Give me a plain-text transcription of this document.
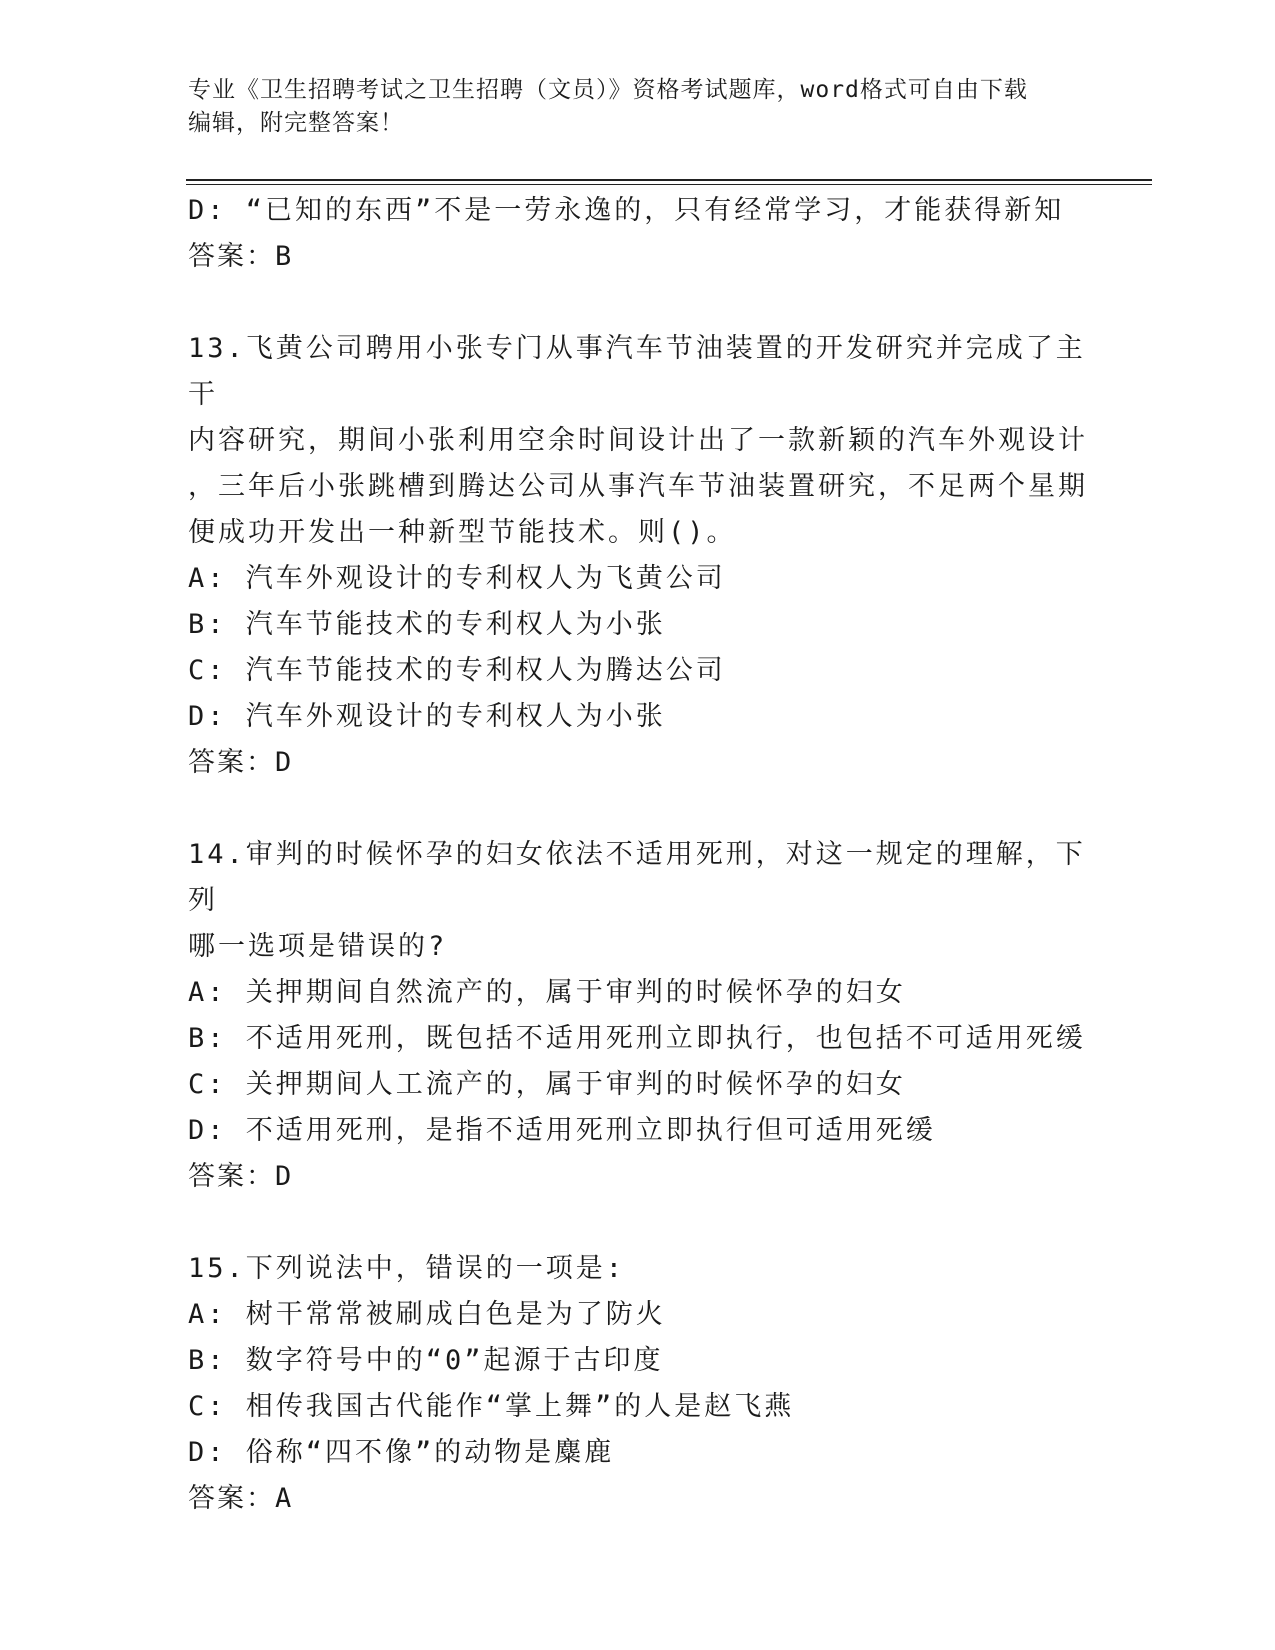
专业《卫生招聘考试之卫生招聘（文员）》资格考试题库，word格式可自由下载
编辑，附完整答案！
D: “已知的东西”不是一劳永逸的，只有经常学习，才能获得新知
答案：B
13.飞黄公司聘用小张专门从事汽车节油装置的开发研究并完成了主干
内容研究，期间小张利用空余时间设计出了一款新颖的汽车外观设计
，三年后小张跳槽到腾达公司从事汽车节油装置研究，不足两个星期
便成功开发出一种新型节能技术。则()。
A: 汽车外观设计的专利权人为飞黄公司
B: 汽车节能技术的专利权人为小张
C: 汽车节能技术的专利权人为腾达公司
D: 汽车外观设计的专利权人为小张
答案：D
14.审判的时候怀孕的妇女依法不适用死刑，对这一规定的理解，下列
哪一选项是错误的?
A: 关押期间自然流产的，属于审判的时候怀孕的妇女
B: 不适用死刑，既包括不适用死刑立即执行，也包括不可适用死缓
C: 关押期间人工流产的，属于审判的时候怀孕的妇女
D: 不适用死刑，是指不适用死刑立即执行但可适用死缓
答案：D
15.下列说法中，错误的一项是:
A: 树干常常被刷成白色是为了防火
B: 数字符号中的“0”起源于古印度
C: 相传我国古代能作“掌上舞”的人是赵飞燕
D: 俗称“四不像”的动物是麋鹿
答案：A
